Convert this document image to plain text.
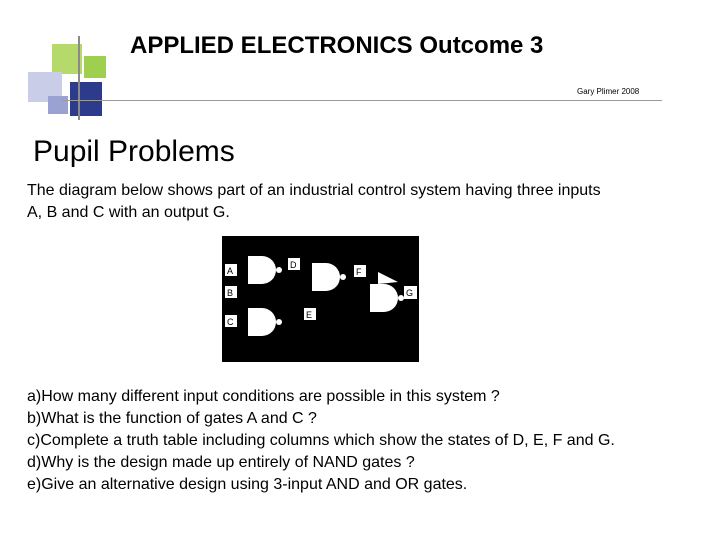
APPLIED ELECTRONICS Outcome 3
Gary Plimer 2008
Pupil Problems
The diagram below shows part of an industrial control system having three inputs
A, B and C with an output G.
A
B
C
D
E
F
G
a)How many different input conditions are possible in this system ?
b)What is the function of gates A and C ?
c)Complete a truth table including columns which show the states of D, E, F and G.
d)Why is the design made up entirely of NAND gates ?
e)Give an alternative design using 3-input AND and OR gates.
